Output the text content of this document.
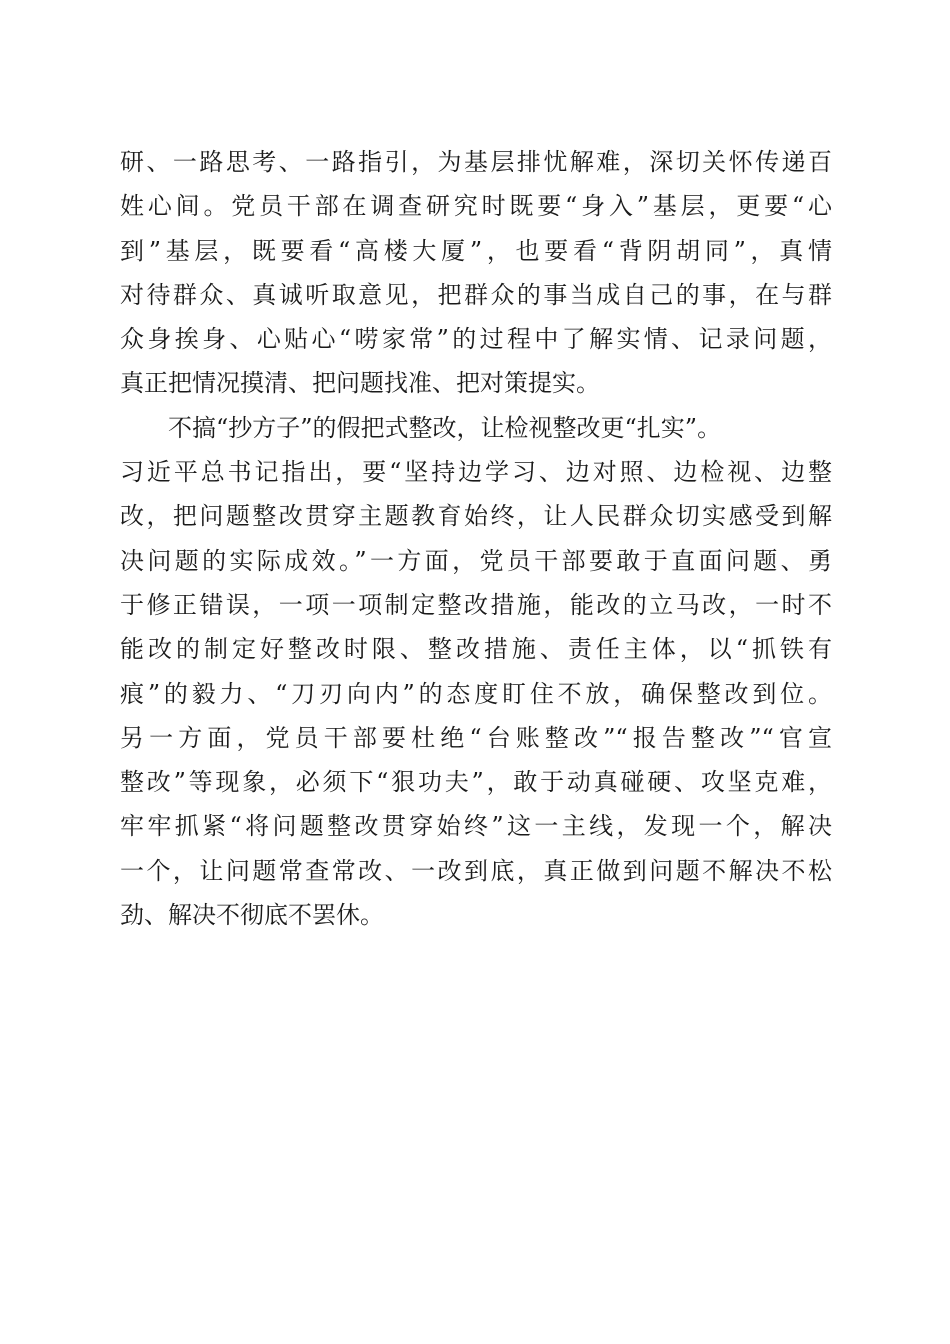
研、一路思考、一路指引，为基层排忧解难，深切关怀传递百
姓心间。党员干部在调查研究时既要“身入”基层，更要“心
到”基层，既要看“高楼大厦”，也要看“背阴胡同”，真情
对待群众、真诚听取意见，把群众的事当成自己的事，在与群
众身挨身、心贴心“唠家常”的过程中了解实情、记录问题，
真正把情况摸清、把问题找准、把对策提实。
不搞“抄方子”的假把式整改，让检视整改更“扎实”。
习近平总书记指出，要“坚持边学习、边对照、边检视、边整
改，把问题整改贯穿主题教育始终，让人民群众切实感受到解
决问题的实际成效。”一方面，党员干部要敢于直面问题、勇
于修正错误，一项一项制定整改措施，能改的立马改，一时不
能改的制定好整改时限、整改措施、责任主体，以“抓铁有
痕”的毅力、“刀刃向内”的态度盯住不放，确保整改到位。
另一方面，党员干部要杜绝“台账整改”“报告整改”“官宣
整改”等现象，必须下“狠功夫”，敢于动真碰硬、攻坚克难，
牢牢抓紧“将问题整改贯穿始终”这一主线，发现一个，解决
一个，让问题常查常改、一改到底，真正做到问题不解决不松
劲、解决不彻底不罢休。
